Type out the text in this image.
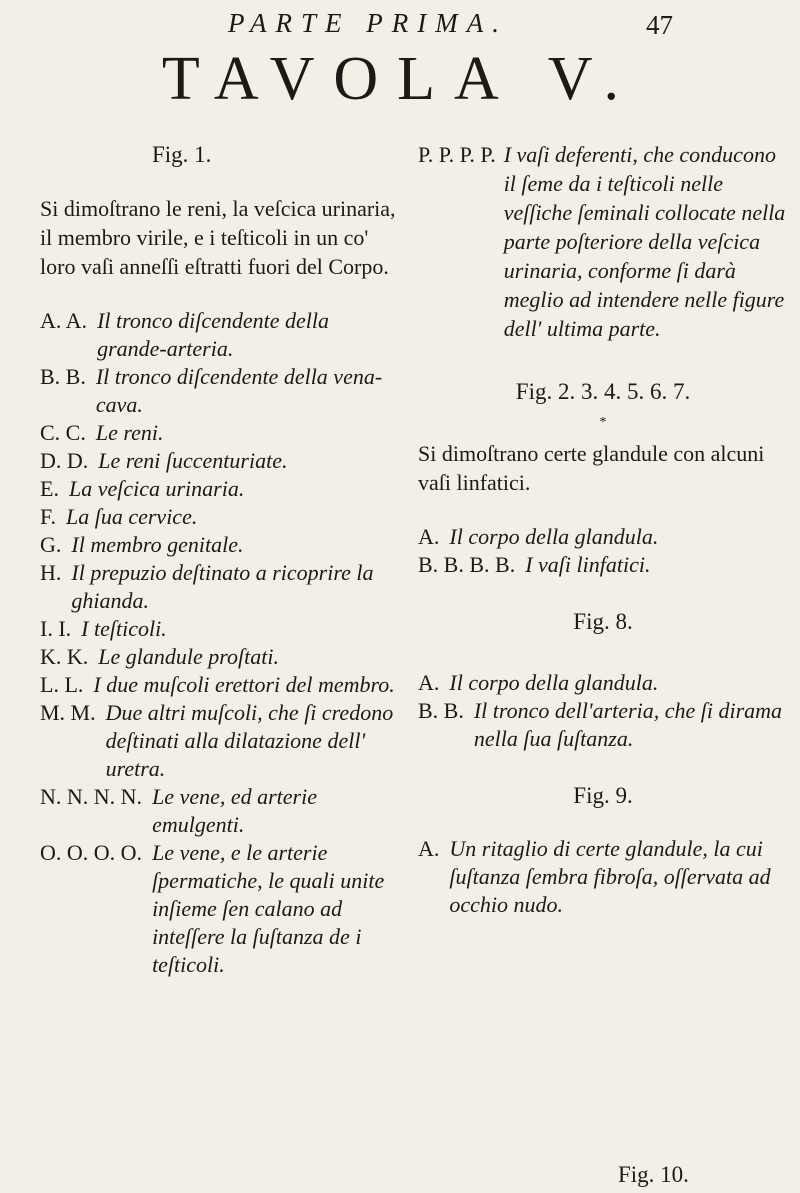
PARTE PRIMA.	47
TAVOLA V.
Fig. 1.

Si dimoſtrano le reni, la veſcica urinaria, il membro virile, e i teſticoli in un co' loro vaſi anneſſi eſtratti fuori del Corpo.

A. A. Il tronco diſcendente della grande-arteria.
B. B. Il tronco diſcendente della vena-cava.
C. C. Le reni.
D. D. Le reni ſuccenturiate.
E. La veſcica urinaria.
F. La ſua cervice.
G. Il membro genitale.
H. Il prepuzio deſtinato a ricoprire la ghianda.
I. I. I teſticoli.
K. K. Le glandule proſtati.
L. L. I due muſcoli erettori del membro.
M. M. Due altri muſcoli, che ſi credono deſtinati alla dilatazione dell' uretra.
N. N. N. N. Le vene, ed arterie emulgenti.
O. O. O. O. Le vene, e le arterie ſpermatiche, le quali unite inſieme ſen calano ad inteſſere la ſuſtanza de i teſticoli.
P. P. P. P. I vaſi deferenti, che conducono il ſeme da i teſticoli nelle veſſiche ſeminali collocate nella parte poſteriore della veſcica urinaria, conforme ſi darà meglio ad intendere nelle figure dell' ultima parte.
Fig. 2. 3. 4. 5. 6. 7.
*

Si dimoſtrano certe glandule con alcuni vaſi linfatici.

A. Il corpo della glandula.
B. B. B. B. I vaſi linfatici.
Fig. 8.
A. Il corpo della glandula.
B. B. Il tronco dell'arteria, che ſi dirama nella ſua ſuſtanza.
Fig. 9.
A. Un ritaglio di certe glandule, la cui ſuſtanza ſembra fibroſa, oſſervata ad occhio nudo.
Fig. 10.
